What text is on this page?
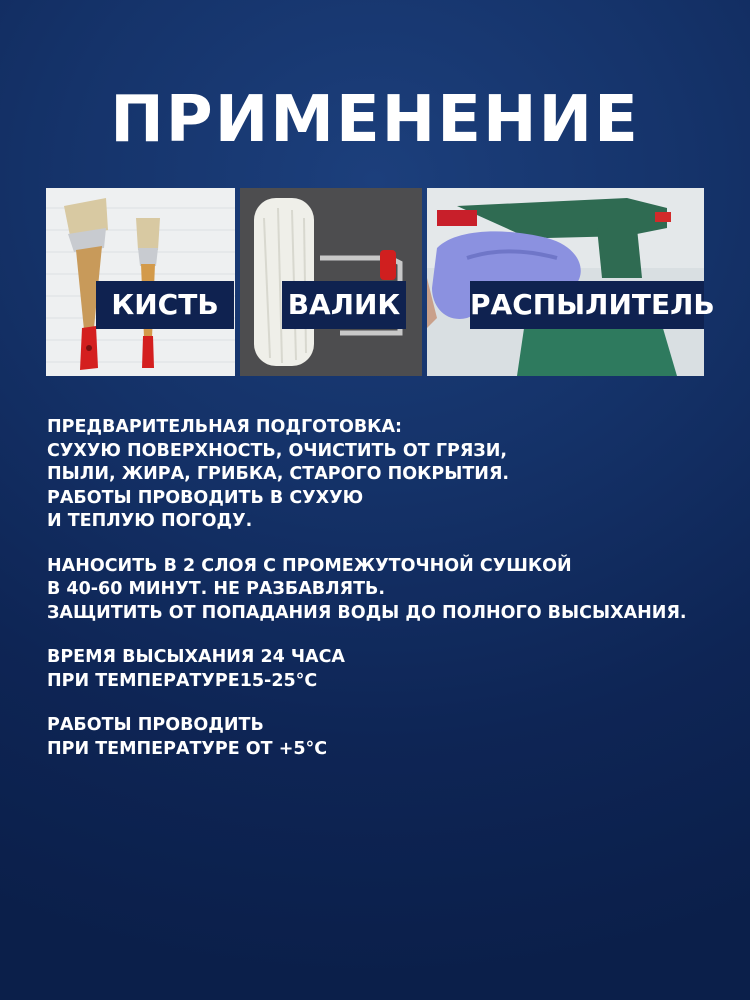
ПРИМЕНЕНИЕ
КИСТЬ	ВАЛИК РАСПЫЛИТЕЛЬ
ПРЕДВАРИТЕЛЬНАЯ ПОДГОТОВКА:
СУХУЮ ПОВЕРХНОСТЬ, ОЧИСТИТЬ ОТ ГРЯЗИ,
ПЫЛИ, ЖИРА, ГРИБКА, СТАРОГО ПОКРЫТИЯ.
РАБОТЫ ПРОВОДИТЬ В СУХУЮ
И ТЕПЛУЮ ПОГОДУ.
НАНОСИТЬ В 2 СЛОЯ С ПРОМЕЖУТОЧНОЙ СУШКОЙ
В 40-60 МИНУТ. НЕ РАЗБАВЛЯТЬ.
ЗАЩИТИТЬ ОТ ПОПАДАНИЯ ВОДЫ ДО ПОЛНОГО ВЫСЫХАНИЯ.
ВРЕМЯ ВЫСЫХАНИЯ 24 ЧАСА
ПРИ ТЕМПЕРАТУРЕ15-25°С
РАБОТЫ ПРОВОДИТЬ
ПРИ ТЕМПЕРАТУРЕ ОТ +5°С
